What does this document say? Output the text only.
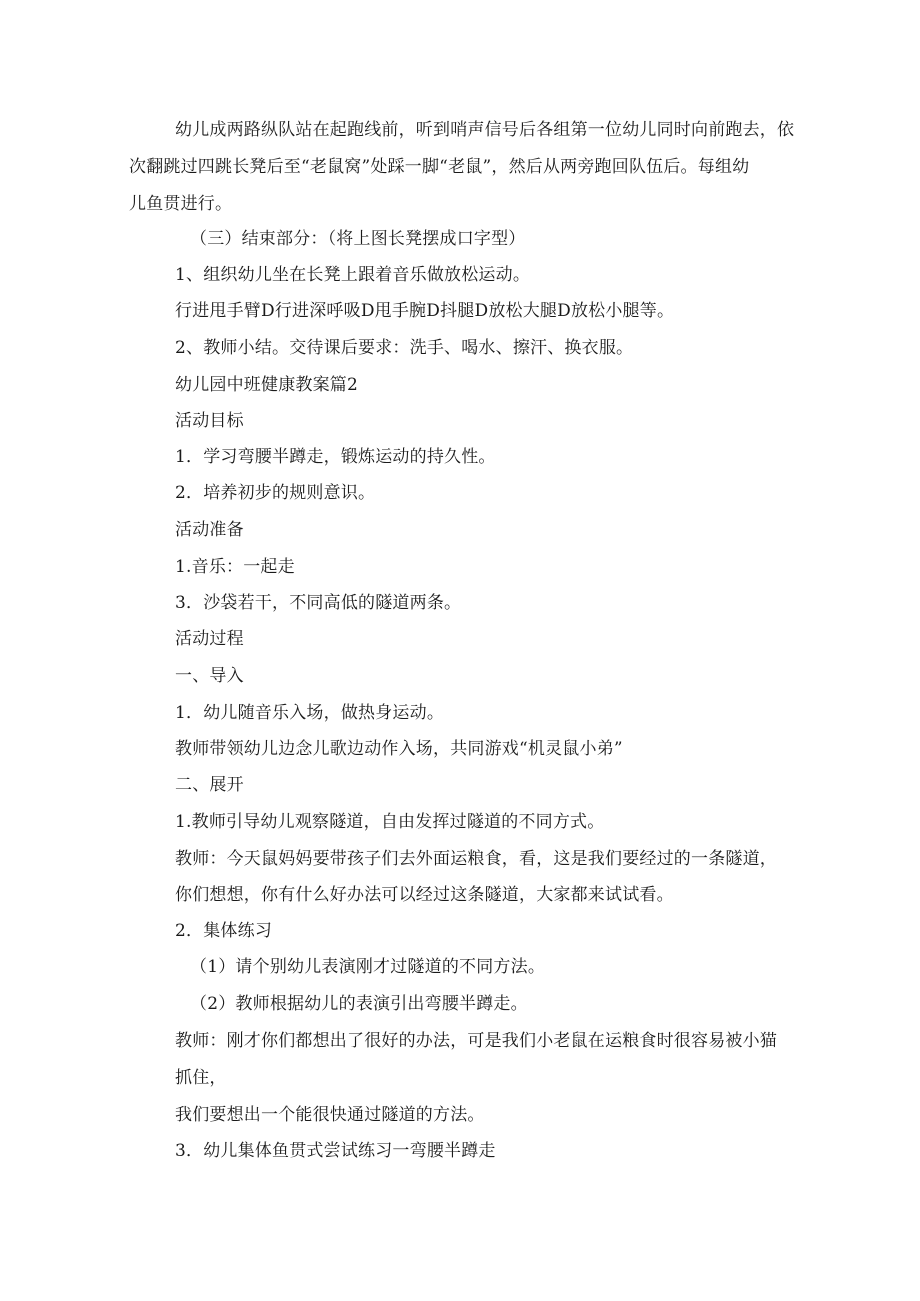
幼儿成两路纵队站在起跑线前，听到哨声信号后各组第一位幼儿同时向前跑去，依
次翻跳过四跳长凳后至“老鼠窝”处踩一脚“老鼠”，然后从两旁跑回队伍后。每组幼
儿鱼贯进行。
（三）结束部分：（将上图长凳摆成口字型）
1、组织幼儿坐在长凳上跟着音乐做放松运动。
行进甩手臂D行进深呼吸D甩手腕D抖腿D放松大腿D放松小腿等。
2、教师小结。交待课后要求：洗手、喝水、擦汗、换衣服。
幼儿园中班健康教案篇2
活动目标
1．学习弯腰半蹲走，锻炼运动的持久性。
2．培养初步的规则意识。
活动准备
1.音乐：一起走
3．沙袋若干，不同高低的隧道两条。
活动过程
一、导入
1．幼儿随音乐入场，做热身运动。
教师带领幼儿边念儿歌边动作入场，共同游戏“机灵鼠小弟”
二、展开
1.教师引导幼儿观察隧道，自由发挥过隧道的不同方式。
教师：今天鼠妈妈要带孩子们去外面运粮食，看，这是我们要经过的一条隧道，
你们想想，你有什么好办法可以经过这条隧道，大家都来试试看。
2．集体练习
（1）请个别幼儿表演刚才过隧道的不同方法。
（2）教师根据幼儿的表演引出弯腰半蹲走。
教师：刚才你们都想出了很好的办法，可是我们小老鼠在运粮食时很容易被小猫
抓住，
我们要想出一个能很快通过隧道的方法。
3．幼儿集体鱼贯式尝试练习一弯腰半蹲走
